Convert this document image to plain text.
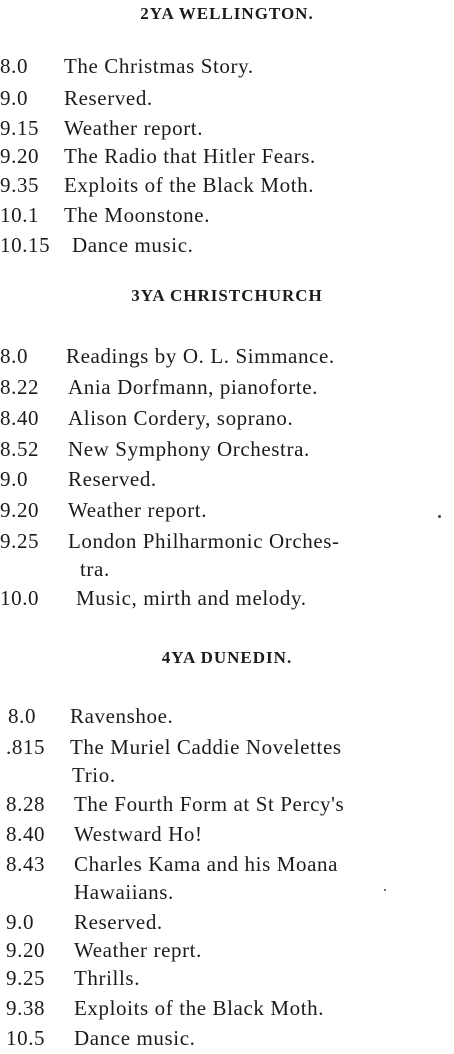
2YA WELLINGTON.
8.0 The Christmas Story.
9.0 Reserved.
9.15 Weather report.
9.20 The Radio that Hitler Fears.
9.35 Exploits of the Black Moth.
10.1 The Moonstone.
10.15 Dance music.
3YA CHRISTCHURCH
8.0 Readings by O. L. Simmance.
8.22 Ania Dorfmann, pianoforte.
8.40 Alison Cordery, soprano.
8.52 New Symphony Orchestra.
9.0 Reserved.
9.20 Weather report.
9.25 London Philharmonic Orches-
tra.
10.0 Music, mirth and melody.
4YA DUNEDIN.
8.0 Ravenshoe.
.815 The Muriel Caddie Novelettes
Trio.
8.28 The Fourth Form at St Percy's
8.40 Westward Ho!
8.43 Charles Kama and his Moana
Hawaiians.
9.0 Reserved.
9.20 Weather reprt.
9.25 Thrills.
9.38 Exploits of the Black Moth.
10.5 Dance music.
